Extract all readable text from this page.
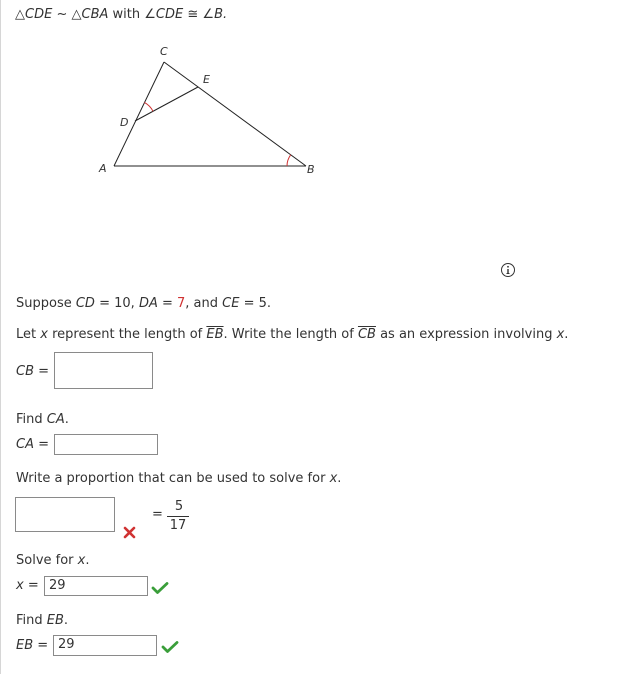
△CDE ~ △CBA with ∠CDE ≅ ∠B.
C
E
D
A	B
Suppose CD = 10, DA = 7, and CE = 5.
Let x represent the length of $\overline{EB}$. Write the length of $\overline{CB}$ as an expression involving x.
CB =
Find CA.
CA =
Write a proportion that can be used to solve for x.
=
5
17
Solve for x.
x = 29
Find EB.
EB = 29
